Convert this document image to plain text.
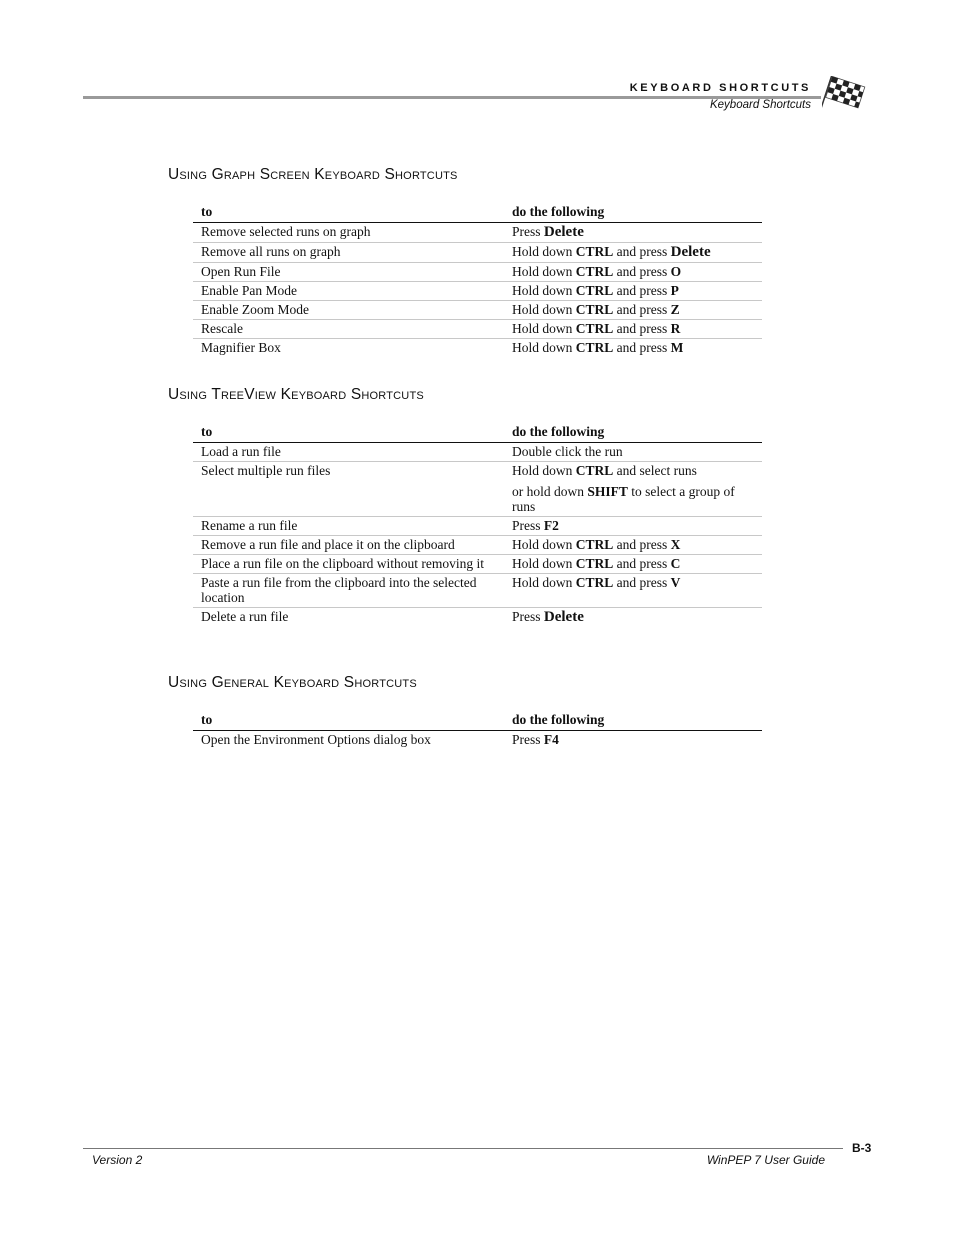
KEYBOARD SHORTCUTS
Keyboard Shortcuts
Using Graph Screen Keyboard Shortcuts
Using TreeView Keyboard Shortcuts
Using General Keyboard Shortcuts
to	do the following
Remove selected runs on graph	Press Delete

Remove all runs on graph	Hold down CTRL and press Delete

Open Run File	Hold down CTRL and press O

Enable Pan Mode	Hold down CTRL and press P

Enable Zoom Mode	Hold down CTRL and press Z

Rescale	Hold down CTRL and press R

Magnifier Box	Hold down CTRL and press M
to	do the following
Load a run file	Double click the run

Select multiple run files	Hold down CTRL and select runs
or hold down SHIFT to select a group of runs

Rename a run file	Press F2

Remove a run file and place it on the clipboard	Hold down CTRL and press X

Place a run file on the clipboard without removing it	Hold down CTRL and press C

Paste a run file from the clipboard into the selected location	Hold down CTRL and press V

Delete a run file	Press Delete
to	do the following
Open the Environment Options dialog box	Press F4
Version 2	WinPEP 7 User Guide
B-3
